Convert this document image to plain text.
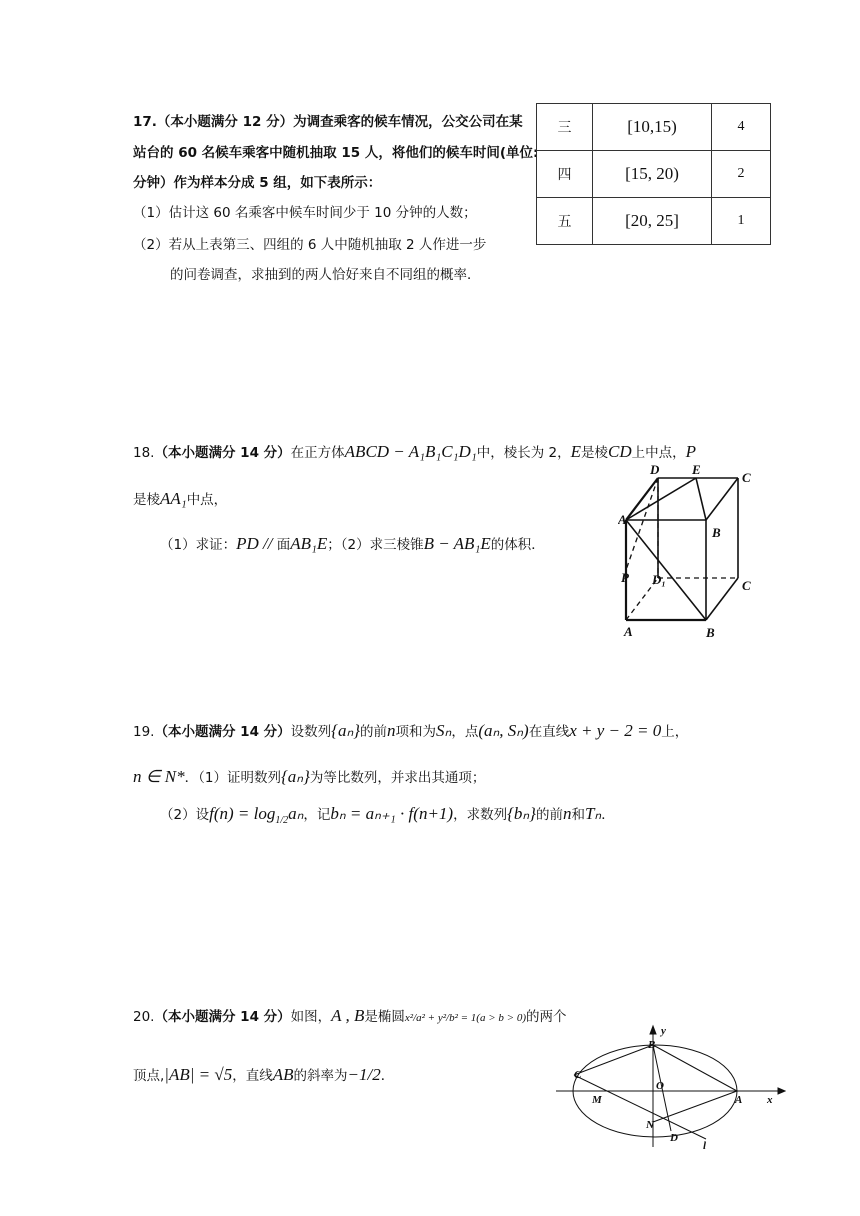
17.（本小题满分 12 分）为调查乘客的候车情况，公交公司在某
站台的 60 名候车乘客中随机抽取 15 人，将他们的候车时间(单位:
分钟）作为样本分成 5 组，如下表所示：
（1）估计这 60 名乘客中候车时间少于 10 分钟的人数；
（2）若从上表第三、四组的 6 人中随机抽取 2 人作进一步
的问卷调查，求抽到的两人恰好来自不同组的概率．
三	[10,15)	4
四	[15, 20)	2
五	[20, 25]	1
18.（本小题满分 14 分）在正方体ABCD − A₁B₁C₁D₁中，棱长为 2，E是棱CD上中点，P
是棱AA₁中点，
（1）求证：PD // 面AB₁E；（2）求三棱锥B − AB₁E的体积．
D	E
C
A
B
P D₁	C
A	B
19.（本小题满分 14 分）设数列{aₙ}的前n项和为Sₙ，点(aₙ, Sₙ)在直线x + y − 2 = 0上，
n ∈ N*．（1）证明数列{aₙ}为等比数列，并求出其通项；
（2）设$f(n) = \log_{1/2}a_n$，记bₙ = aₙ₊₁ · f(n+1)，求数列{bₙ}的前n和Tₙ．
20.（本小题满分 14 分）如图，A , B是椭圆x²/a² + y²/b² = 1(a > b > 0)的两个
顶点,|AB| = √5，直线AB的斜率为−1/2．
y
B
C
O
M	A x
N
D
l
